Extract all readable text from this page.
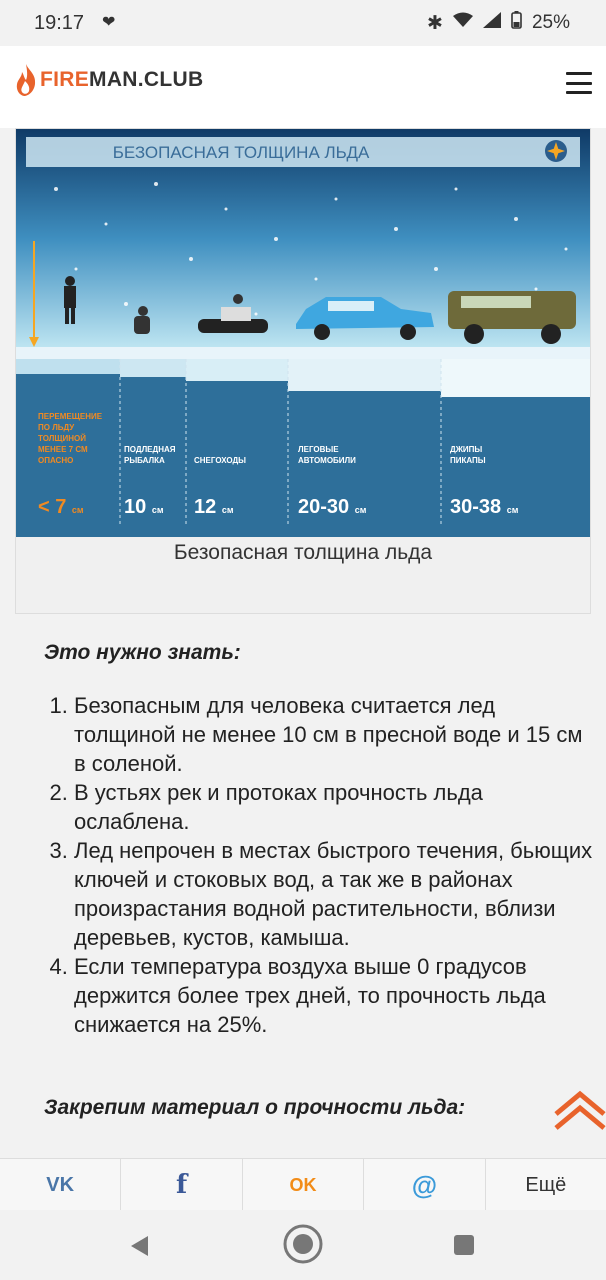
19:17 ❤	✱	25%
FIREMAN.CLUB
БЕЗОПАСНАЯ ТОЛЩИНА ЛЬДА
ПЕРЕМЕЩЕНИЕ
ПО ЛЬДУ
ТОЛЩИНОЙ
МЕНЕЕ 7 СМ
ОПАСНО
< 7 см
ПОДЛЕДНАЯ
РЫБАЛКА
10 см
СНЕГОХОДЫ
12 см
ЛЕГОВЫЕ
АВТОМОБИЛИ
20-30 см
ДЖИПЫ
ПИКАПЫ
30-38 см
Безопасная толщина льда
Это нужно знать:
1. Безопасным для человека считается лед толщиной не менее 10 см в пресной воде и 15 см в соленой.
2. В устьях рек и протоках прочность льда ослаблена.
3. Лед непрочен в местах быстрого течения, бьющих ключей и стоковых вод, а так же в районах произрастания водной растительности, вблизи деревьев, кустов, камыша.
4. Если температура воздуха выше 0 градусов держится более трех дней, то прочность льда снижается на 25%.
Закрепим материал о прочности льда:
VK	f	OK	@	Ещё
